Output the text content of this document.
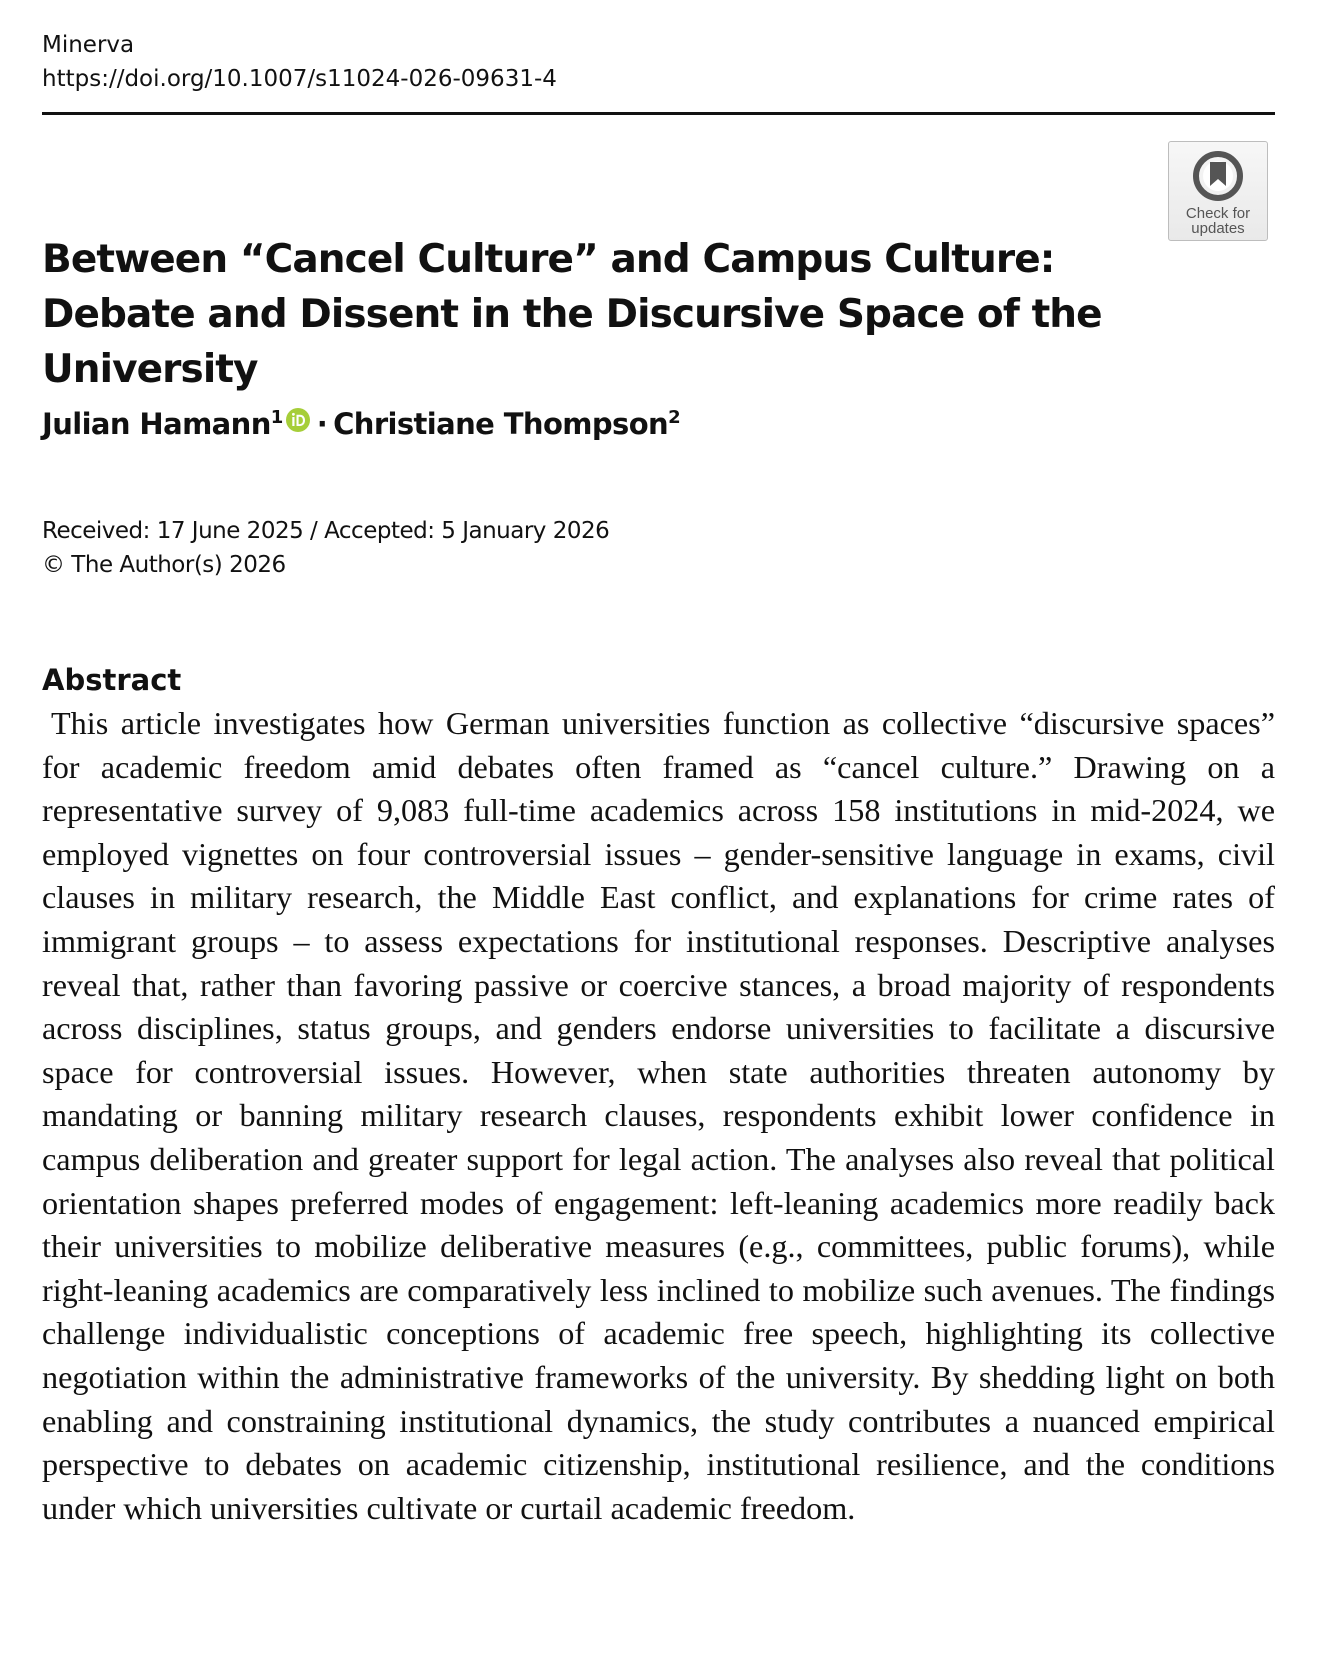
Minerva
https://doi.org/10.1007/s11024-026-09631-4
Check for
updates
Between “Cancel Culture” and Campus Culture: Debate and Dissent in the Discursive Space of the University
Julian Hamann$^1$ · Christiane Thompson$^2$
Received: 17 June 2025 / Accepted: 5 January 2026
© The Author(s) 2026
Abstract

This article investigates how German universities function as collective “discursive spaces” for academic freedom amid debates often framed as “cancel culture.” Drawing on a representative survey of 9,083 full-time academics across 158 institutions in mid-2024, we employed vignettes on four controversial issues – gender-sensitive language in exams, civil clauses in military research, the Middle East conflict, and explanations for crime rates of immigrant groups – to assess expectations for institutional responses. Descriptive analyses reveal that, rather than favoring passive or coercive stances, a broad majority of respondents across disciplines, status groups, and genders endorse universities to facilitate a discursive space for controversial issues. However, when state authorities threaten autonomy by mandating or banning military research clauses, respondents exhibit lower confidence in campus deliberation and greater support for legal action. The analyses also reveal that political orientation shapes preferred modes of engagement: left-leaning academics more readily back their universities to mobilize deliberative measures (e.g., committees, public forums), while right-leaning academics are comparatively less inclined to mobilize such avenues. The findings challenge individualistic conceptions of academic free speech, highlighting its collective negotiation within the administrative frameworks of the university. By shedding light on both enabling and constraining institutional dynamics, the study contributes a nuanced empirical perspective to debates on academic citizenship, institutional resilience, and the conditions under which universities cultivate or curtail academic freedom.
